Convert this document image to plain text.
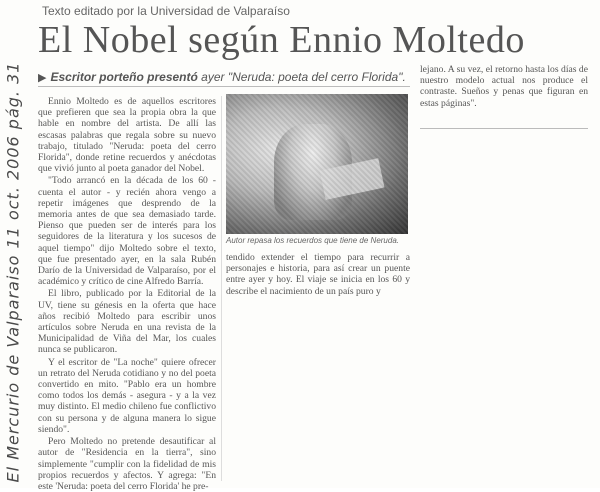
El Mercurio de Valparaiso 11 oct. 2006 pág. 31
Texto editado por la Universidad de Valparaíso
El Nobel según Ennio Moltedo
▶ Escritor porteño presentó ayer "Neruda: poeta del cerro Florida".

Ennio Moltedo es de aquellos escritores que prefieren que sea la propia obra la que hable en nombre del artista. De allí las escasas palabras que regala sobre su nuevo trabajo, titulado "Neruda: poeta del cerro Florida", donde retine recuerdos y anécdotas que vivió junto al poeta ganador del Nobel.

"Todo arrancó en la década de los 60 - cuenta el autor - y recién ahora vengo a repetir imágenes que desprendo de la memoria antes de que sea demasiado tarde. Pienso que pueden ser de interés para los seguidores de la literatura y los sucesos de aquel tiempo" dijo Moltedo sobre el texto, que fue presentado ayer, en la sala Rubén Darío de la Universidad de Valparaíso, por el académico y crítico de cine Alfredo Barría.

El libro, publicado por la Editorial de la UV, tiene su génesis en la oferta que hace años recibió Moltedo para escribir unos artículos sobre Neruda en una revista de la Municipalidad de Viña del Mar, los cuales nunca se publicaron.

Y el escritor de "La noche" quiere ofrecer un retrato del Neruda cotidiano y no del poeta convertido en mito. "Pablo era un hombre como todos los demás - asegura - y a la vez muy distinto. El medio chileno fue conflictivo con su persona y de alguna manera lo sigue siendo".

Pero Moltedo no pretende desautificar al autor de "Residencia en la tierra", sino simplemente "cumplir con la fidelidad de mis propios recuerdos y afectos. Y agrega: "En este 'Neruda: poeta del cerro Florida' he pre-

Autor repasa los recuerdos que tiene de Neruda.

tendido extender el tiempo para recurrir a personajes e historia, para así crear un puente entre ayer y hoy. El viaje se inicia en los 60 y describe el nacimiento de un país puro y

lejano. A su vez, el retorno hasta los días de nuestro modelo actual nos produce el contraste. Sueños y penas que figuran en estas páginas".
